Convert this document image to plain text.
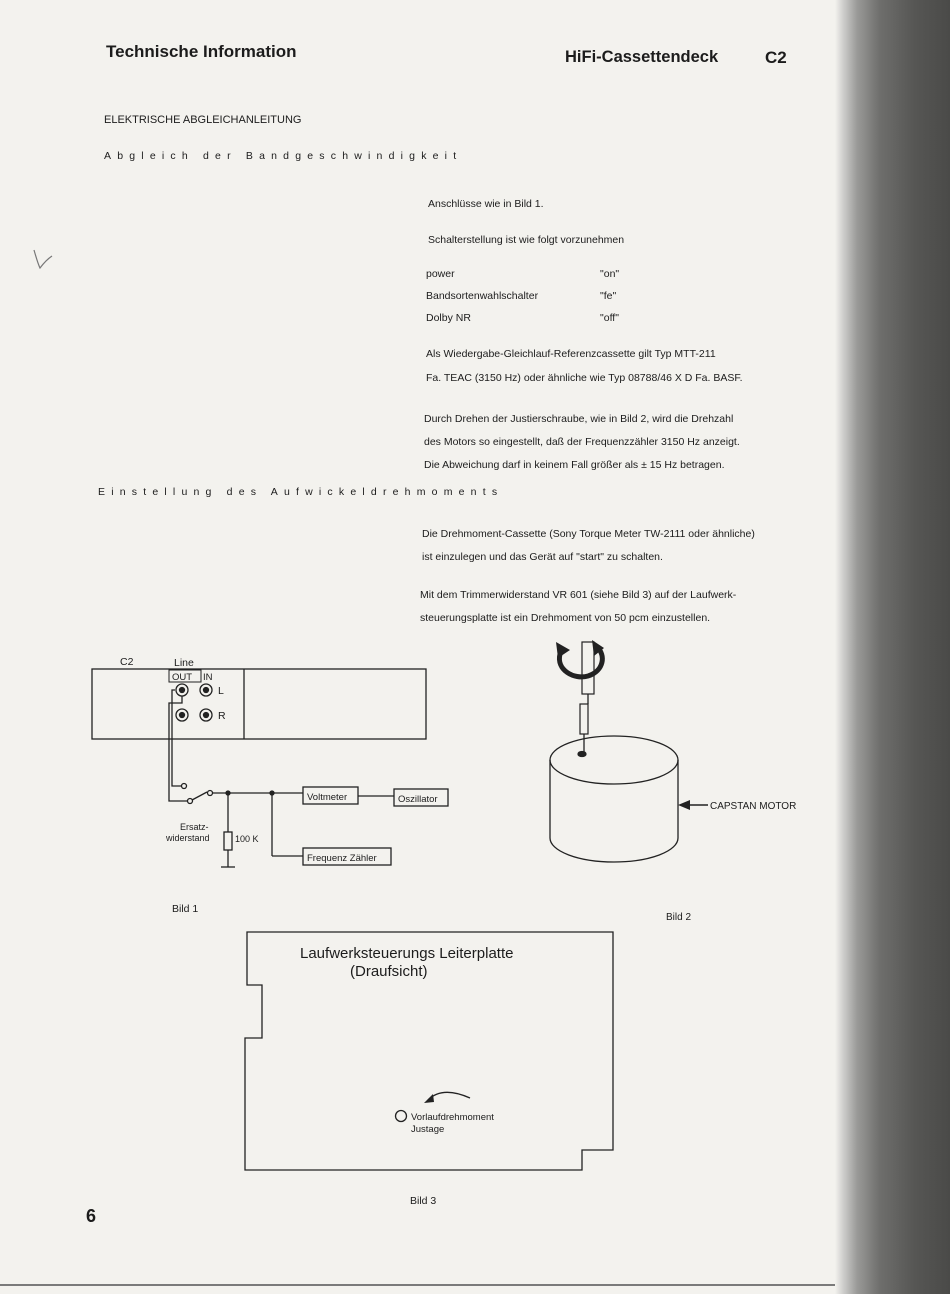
Technische Information	HiFi-Cassettendeck	C2
ELEKTRISCHE ABGLEICHANLEITUNG
Abgleich der Bandgeschwindigkeit
Anschlüsse wie in Bild 1.
Schalterstellung ist wie folgt vorzunehmen
power	"on"
Bandsortenwahlschalter	"fe"
Dolby NR	"off"
Als Wiedergabe-Gleichlauf-Referenzcassette gilt Typ MTT-211
Fa. TEAC (3150 Hz) oder ähnliche wie Typ 08788/46 X D Fa. BASF.
Durch Drehen der Justierschraube, wie in Bild 2, wird die Drehzahl
des Motors so eingestellt, daß der Frequenzzähler 3150 Hz anzeigt.
Die Abweichung darf in keinem Fall größer als ± 15 Hz betragen.
Einstellung des Aufwickeldrehmoments
Die Drehmoment-Cassette (Sony Torque Meter TW-2111 oder ähnliche)
ist einzulegen und das Gerät auf "start" zu schalten.
Mit dem Trimmerwiderstand VR 601 (siehe Bild 3) auf der Laufwerk-
steuerungsplatte ist ein Drehmoment von 50 pcm einzustellen.
C2	Line
OUT IN
L
R
Voltmeter	Oszillator
Frequenz Zähler
Ersatz-
widerstand	100 K
Bild 1
CAPSTAN MOTOR
Bild 2
Laufwerksteuerungs Leiterplatte
(Draufsicht)
Vorlaufdrehmoment
Justage
Bild 3
6
